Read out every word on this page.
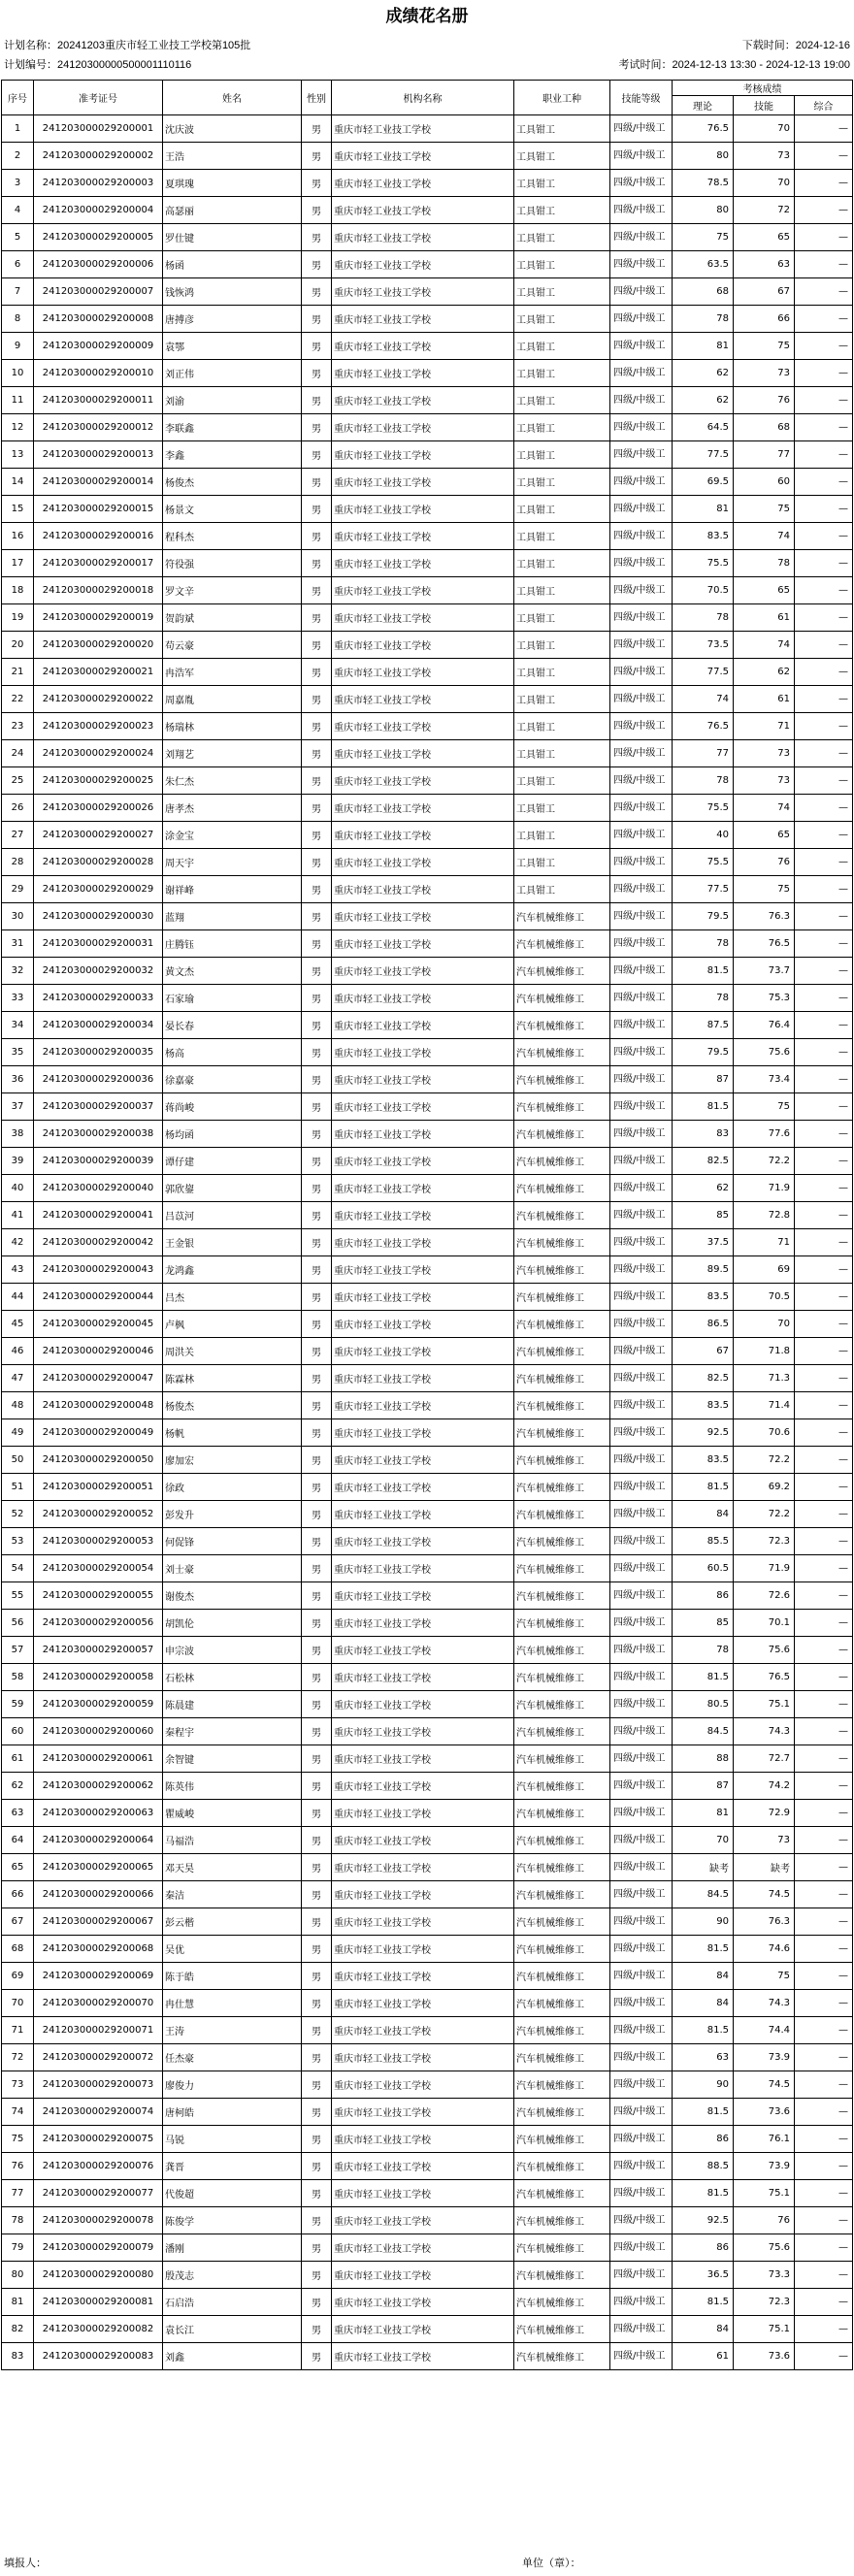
成绩花名册
计划名称：20241203重庆市轻工业技工学校第105批	下载时间：2024-12-16
计划编号：24120300000500001110116	考试时间：2024-12-13 13:30 - 2024-12-13 19:00
序号	准考证号	姓名	性别	机构名称	职业工种	技能等级	考核成绩		
							理论	技能	综合
1	241203000029200001	沈庆波	男	重庆市轻工业技工学校	工具钳工	四级/中级工	76.5	70	—
2	241203000029200002	王浩	男	重庆市轻工业技工学校	工具钳工	四级/中级工	80	73	—
3	241203000029200003	夏琪瑰	男	重庆市轻工业技工学校	工具钳工	四级/中级工	78.5	70	—
4	241203000029200004	高瑟丽	男	重庆市轻工业技工学校	工具钳工	四级/中级工	80	72	—
5	241203000029200005	罗仕键	男	重庆市轻工业技工学校	工具钳工	四级/中级工	75	65	—
6	241203000029200006	杨函	男	重庆市轻工业技工学校	工具钳工	四级/中级工	63.5	63	—
7	241203000029200007	钱恢鸿	男	重庆市轻工业技工学校	工具钳工	四级/中级工	68	67	—
8	241203000029200008	唐搏彦	男	重庆市轻工业技工学校	工具钳工	四级/中级工	78	66	—
9	241203000029200009	袁鄂	男	重庆市轻工业技工学校	工具钳工	四级/中级工	81	75	—
10	241203000029200010	刘正伟	男	重庆市轻工业技工学校	工具钳工	四级/中级工	62	73	—
11	241203000029200011	刘渝	男	重庆市轻工业技工学校	工具钳工	四级/中级工	62	76	—
12	241203000029200012	李联鑫	男	重庆市轻工业技工学校	工具钳工	四级/中级工	64.5	68	—
13	241203000029200013	李鑫	男	重庆市轻工业技工学校	工具钳工	四级/中级工	77.5	77	—
14	241203000029200014	杨俊杰	男	重庆市轻工业技工学校	工具钳工	四级/中级工	69.5	60	—
15	241203000029200015	杨景文	男	重庆市轻工业技工学校	工具钳工	四级/中级工	81	75	—
16	241203000029200016	程科杰	男	重庆市轻工业技工学校	工具钳工	四级/中级工	83.5	74	—
17	241203000029200017	符役强	男	重庆市轻工业技工学校	工具钳工	四级/中级工	75.5	78	—
18	241203000029200018	罗文辛	男	重庆市轻工业技工学校	工具钳工	四级/中级工	70.5	65	—
19	241203000029200019	贺韵斌	男	重庆市轻工业技工学校	工具钳工	四级/中级工	78	61	—
20	241203000029200020	苟云豪	男	重庆市轻工业技工学校	工具钳工	四级/中级工	73.5	74	—
21	241203000029200021	冉浩军	男	重庆市轻工业技工学校	工具钳工	四级/中级工	77.5	62	—
22	241203000029200022	周嘉胤	男	重庆市轻工业技工学校	工具钳工	四级/中级工	74	61	—
23	241203000029200023	杨瑞林	男	重庆市轻工业技工学校	工具钳工	四级/中级工	76.5	71	—
24	241203000029200024	刘翔艺	男	重庆市轻工业技工学校	工具钳工	四级/中级工	77	73	—
25	241203000029200025	朱仁杰	男	重庆市轻工业技工学校	工具钳工	四级/中级工	78	73	—
26	241203000029200026	唐孝杰	男	重庆市轻工业技工学校	工具钳工	四级/中级工	75.5	74	—
27	241203000029200027	涂金宝	男	重庆市轻工业技工学校	工具钳工	四级/中级工	40	65	—
28	241203000029200028	周天宇	男	重庆市轻工业技工学校	工具钳工	四级/中级工	75.5	76	—
29	241203000029200029	谢祥峰	男	重庆市轻工业技工学校	工具钳工	四级/中级工	77.5	75	—
30	241203000029200030	蓝翔	男	重庆市轻工业技工学校	汽车机械维修工	四级/中级工	79.5	76.3	—
31	241203000029200031	庄腾钰	男	重庆市轻工业技工学校	汽车机械维修工	四级/中级工	78	76.5	—
32	241203000029200032	黄文杰	男	重庆市轻工业技工学校	汽车机械维修工	四级/中级工	81.5	73.7	—
33	241203000029200033	石家瑜	男	重庆市轻工业技工学校	汽车机械维修工	四级/中级工	78	75.3	—
34	241203000029200034	晏长春	男	重庆市轻工业技工学校	汽车机械维修工	四级/中级工	87.5	76.4	—
35	241203000029200035	杨高	男	重庆市轻工业技工学校	汽车机械维修工	四级/中级工	79.5	75.6	—
36	241203000029200036	徐嘉豪	男	重庆市轻工业技工学校	汽车机械维修工	四级/中级工	87	73.4	—
37	241203000029200037	蒋尚峻	男	重庆市轻工业技工学校	汽车机械维修工	四级/中级工	81.5	75	—
38	241203000029200038	杨均函	男	重庆市轻工业技工学校	汽车机械维修工	四级/中级工	83	77.6	—
39	241203000029200039	谭仔建	男	重庆市轻工业技工学校	汽车机械维修工	四级/中级工	82.5	72.2	—
40	241203000029200040	郭欣鋆	男	重庆市轻工业技工学校	汽车机械维修工	四级/中级工	62	71.9	—
41	241203000029200041	吕苡河	男	重庆市轻工业技工学校	汽车机械维修工	四级/中级工	85	72.8	—
42	241203000029200042	王金银	男	重庆市轻工业技工学校	汽车机械维修工	四级/中级工	37.5	71	—
43	241203000029200043	龙鸿鑫	男	重庆市轻工业技工学校	汽车机械维修工	四级/中级工	89.5	69	—
44	241203000029200044	吕杰	男	重庆市轻工业技工学校	汽车机械维修工	四级/中级工	83.5	70.5	—
45	241203000029200045	卢枫	男	重庆市轻工业技工学校	汽车机械维修工	四级/中级工	86.5	70	—
46	241203000029200046	周洪关	男	重庆市轻工业技工学校	汽车机械维修工	四级/中级工	67	71.8	—
47	241203000029200047	陈霖林	男	重庆市轻工业技工学校	汽车机械维修工	四级/中级工	82.5	71.3	—
48	241203000029200048	杨俊杰	男	重庆市轻工业技工学校	汽车机械维修工	四级/中级工	83.5	71.4	—
49	241203000029200049	杨帆	男	重庆市轻工业技工学校	汽车机械维修工	四级/中级工	92.5	70.6	—
50	241203000029200050	廖加宏	男	重庆市轻工业技工学校	汽车机械维修工	四级/中级工	83.5	72.2	—
51	241203000029200051	徐政	男	重庆市轻工业技工学校	汽车机械维修工	四级/中级工	81.5	69.2	—
52	241203000029200052	彭发升	男	重庆市轻工业技工学校	汽车机械维修工	四级/中级工	84	72.2	—
53	241203000029200053	何促锋	男	重庆市轻工业技工学校	汽车机械维修工	四级/中级工	85.5	72.3	—
54	241203000029200054	刘士豪	男	重庆市轻工业技工学校	汽车机械维修工	四级/中级工	60.5	71.9	—
55	241203000029200055	谢俊杰	男	重庆市轻工业技工学校	汽车机械维修工	四级/中级工	86	72.6	—
56	241203000029200056	胡凯伦	男	重庆市轻工业技工学校	汽车机械维修工	四级/中级工	85	70.1	—
57	241203000029200057	申宗波	男	重庆市轻工业技工学校	汽车机械维修工	四级/中级工	78	75.6	—
58	241203000029200058	石松林	男	重庆市轻工业技工学校	汽车机械维修工	四级/中级工	81.5	76.5	—
59	241203000029200059	陈晨建	男	重庆市轻工业技工学校	汽车机械维修工	四级/中级工	80.5	75.1	—
60	241203000029200060	秦程宇	男	重庆市轻工业技工学校	汽车机械维修工	四级/中级工	84.5	74.3	—
61	241203000029200061	余智键	男	重庆市轻工业技工学校	汽车机械维修工	四级/中级工	88	72.7	—
62	241203000029200062	陈英伟	男	重庆市轻工业技工学校	汽车机械维修工	四级/中级工	87	74.2	—
63	241203000029200063	瞿威峻	男	重庆市轻工业技工学校	汽车机械维修工	四级/中级工	81	72.9	—
64	241203000029200064	马福浩	男	重庆市轻工业技工学校	汽车机械维修工	四级/中级工	70	73	—
65	241203000029200065	邓天昊	男	重庆市轻工业技工学校	汽车机械维修工	四级/中级工	缺考	缺考	—
66	241203000029200066	秦洁	男	重庆市轻工业技工学校	汽车机械维修工	四级/中级工	84.5	74.5	—
67	241203000029200067	彭云楷	男	重庆市轻工业技工学校	汽车机械维修工	四级/中级工	90	76.3	—
68	241203000029200068	吴优	男	重庆市轻工业技工学校	汽车机械维修工	四级/中级工	81.5	74.6	—
69	241203000029200069	陈于皓	男	重庆市轻工业技工学校	汽车机械维修工	四级/中级工	84	75	—
70	241203000029200070	冉仕慧	男	重庆市轻工业技工学校	汽车机械维修工	四级/中级工	84	74.3	—
71	241203000029200071	王涛	男	重庆市轻工业技工学校	汽车机械维修工	四级/中级工	81.5	74.4	—
72	241203000029200072	任杰豪	男	重庆市轻工业技工学校	汽车机械维修工	四级/中级工	63	73.9	—
73	241203000029200073	廖俊力	男	重庆市轻工业技工学校	汽车机械维修工	四级/中级工	90	74.5	—
74	241203000029200074	唐柯皓	男	重庆市轻工业技工学校	汽车机械维修工	四级/中级工	81.5	73.6	—
75	241203000029200075	马锐	男	重庆市轻工业技工学校	汽车机械维修工	四级/中级工	86	76.1	—
76	241203000029200076	龚晋	男	重庆市轻工业技工学校	汽车机械维修工	四级/中级工	88.5	73.9	—
77	241203000029200077	代俊超	男	重庆市轻工业技工学校	汽车机械维修工	四级/中级工	81.5	75.1	—
78	241203000029200078	陈俊学	男	重庆市轻工业技工学校	汽车机械维修工	四级/中级工	92.5	76	—
79	241203000029200079	潘刚	男	重庆市轻工业技工学校	汽车机械维修工	四级/中级工	86	75.6	—
80	241203000029200080	殷茂志	男	重庆市轻工业技工学校	汽车机械维修工	四级/中级工	36.5	73.3	—
81	241203000029200081	石启浩	男	重庆市轻工业技工学校	汽车机械维修工	四级/中级工	81.5	72.3	—
82	241203000029200082	袁长江	男	重庆市轻工业技工学校	汽车机械维修工	四级/中级工	84	75.1	—
83	241203000029200083	刘鑫	男	重庆市轻工业技工学校	汽车机械维修工	四级/中级工	61	73.6	—
填报人：	单位（章）：
